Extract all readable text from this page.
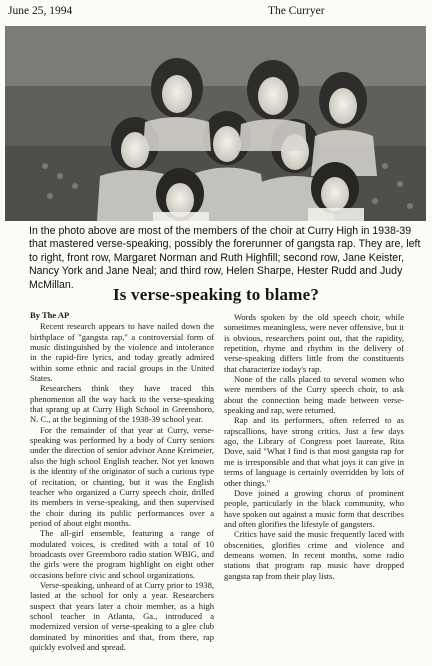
June 25, 1994	The Curryer
In the photo above are most of the members of the choir at Curry High in 1938-39 that mastered verse-speaking, possibly the forerunner of gangsta rap. They are, left to right, front row, Margaret Norman and Ruth Highfill; second row, Jane Keister, Nancy York and Jane Neal; and third row, Helen Sharpe, Hester Rudd and Judy McMillan.
Is verse-speaking to blame?

By The AP

Recent research appears to have nailed down the birthplace of "gangsta rap," a controversial form of music distinguished by the violence and intolerance in the rapid-fire lyrics, and today greatly admired within some ethnic and racial groups in the United States.

Researchers think they have traced this phenomenon all the way back to the verse-speaking that sprang up at Curry High School in Greensboro, N. C., at the beginning of the 1938-39 school year.

For the remainder of that year at Curry, verse-speaking was performed by a body of Curry seniors under the direction of senior advisor Anne Kreimeier, also the high school English teacher. Not yet known is the identity of the originator of such a curious type of recitation, or chanting, but it was the English teacher who organized a Curry speech choir, drilled its members in verse-speaking, and then supervised the choir during its public performances over a period of about eight months.

The all-girl ensemble, featuring a range of modulated voices, is credited with a total of 10 broadcasts over Greensboro radio station WBIG, and the girls were the program highlight on eight other occasions before civic and school organizations.

Verse-speaking, unheard of at Curry prior to 1938, lasted at the school for only a year. Researchers suspect that years later a choir member, as a high school teacher in Atlanta, Ga., introduced a modernized version of verse-speaking to a glee club dominated by minorities and that, from there, rap quickly evolved and spread.

Words spoken by the old speech choir, while sometimes meaningless, were never offensive, but it is obvious, researchers point out, that the rapidity, repetition, rhyme and rhythm in the delivery of verse-speaking differs little from the constituents that characterize today's rap.

None of the calls placed to several women who were members of the Curry speech choir, to ask about the connection being made between verse-speaking and rap, were returned.

Rap and its performers, often referred to as rapscallions, have strong critics. Just a few days ago, the Library of Congress poet laureate, Rita Dove, said "What I find is that most gangsta rap for me is irresponsible and that what joys it can give in terms of language is certainly overridden by lots of other things."

Dove joined a growing chorus of prominent people, particularly in the black community, who have spoken out against a music form that describes and often glorifies the lifestyle of gangsters.

Critics have said the music frequently laced with obscenities, glorifies crime and violence and demeans women. In recent months, some radio stations that program rap music have dropped gangsta rap from their play lists.
